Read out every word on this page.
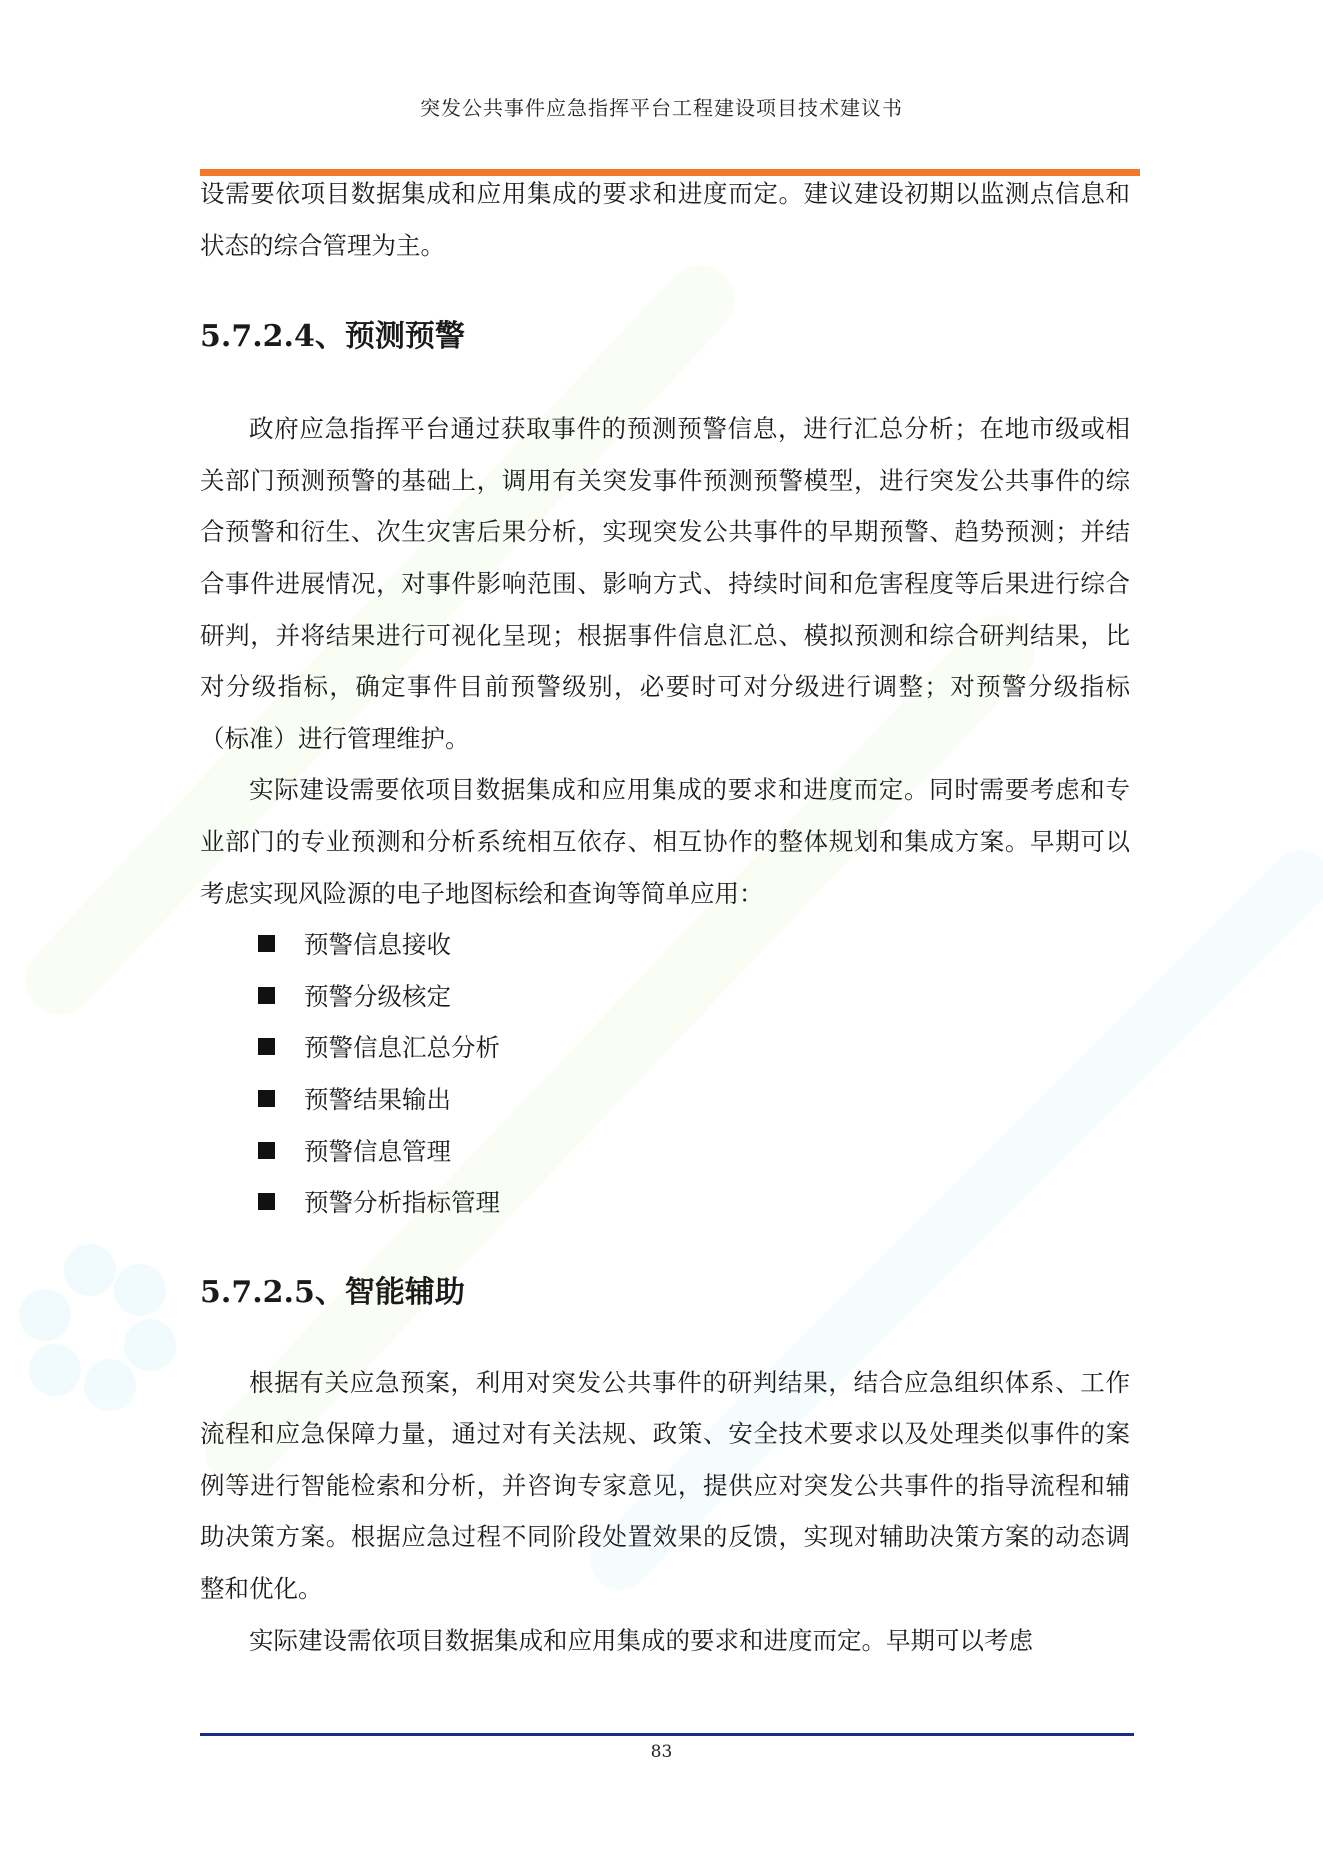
突发公共事件应急指挥平台工程建设项目技术建议书

设需要依项目数据集成和应用集成的要求和进度而定。建议建设初期以监测点信息和状态的综合管理为主。

5.7.2.4、预测预警

政府应急指挥平台通过获取事件的预测预警信息，进行汇总分析；在地市级或相关部门预测预警的基础上，调用有关突发事件预测预警模型，进行突发公共事件的综合预警和衍生、次生灾害后果分析，实现突发公共事件的早期预警、趋势预测；并结合事件进展情况，对事件影响范围、影响方式、持续时间和危害程度等后果进行综合研判，并将结果进行可视化呈现；根据事件信息汇总、模拟预测和综合研判结果，比对分级指标，确定事件目前预警级别，必要时可对分级进行调整；对预警分级指标（标准）进行管理维护。

实际建设需要依项目数据集成和应用集成的要求和进度而定。同时需要考虑和专业部门的专业预测和分析系统相互依存、相互协作的整体规划和集成方案。早期可以考虑实现风险源的电子地图标绘和查询等简单应用：

预警信息接收
预警分级核定
预警信息汇总分析
预警结果输出
预警信息管理
预警分析指标管理
5.7.2.5、智能辅助

根据有关应急预案，利用对突发公共事件的研判结果，结合应急组织体系、工作流程和应急保障力量，通过对有关法规、政策、安全技术要求以及处理类似事件的案例等进行智能检索和分析，并咨询专家意见，提供应对突发公共事件的指导流程和辅助决策方案。根据应急过程不同阶段处置效果的反馈，实现对辅助决策方案的动态调整和优化。

实际建设需依项目数据集成和应用集成的要求和进度而定。早期可以考虑

83
